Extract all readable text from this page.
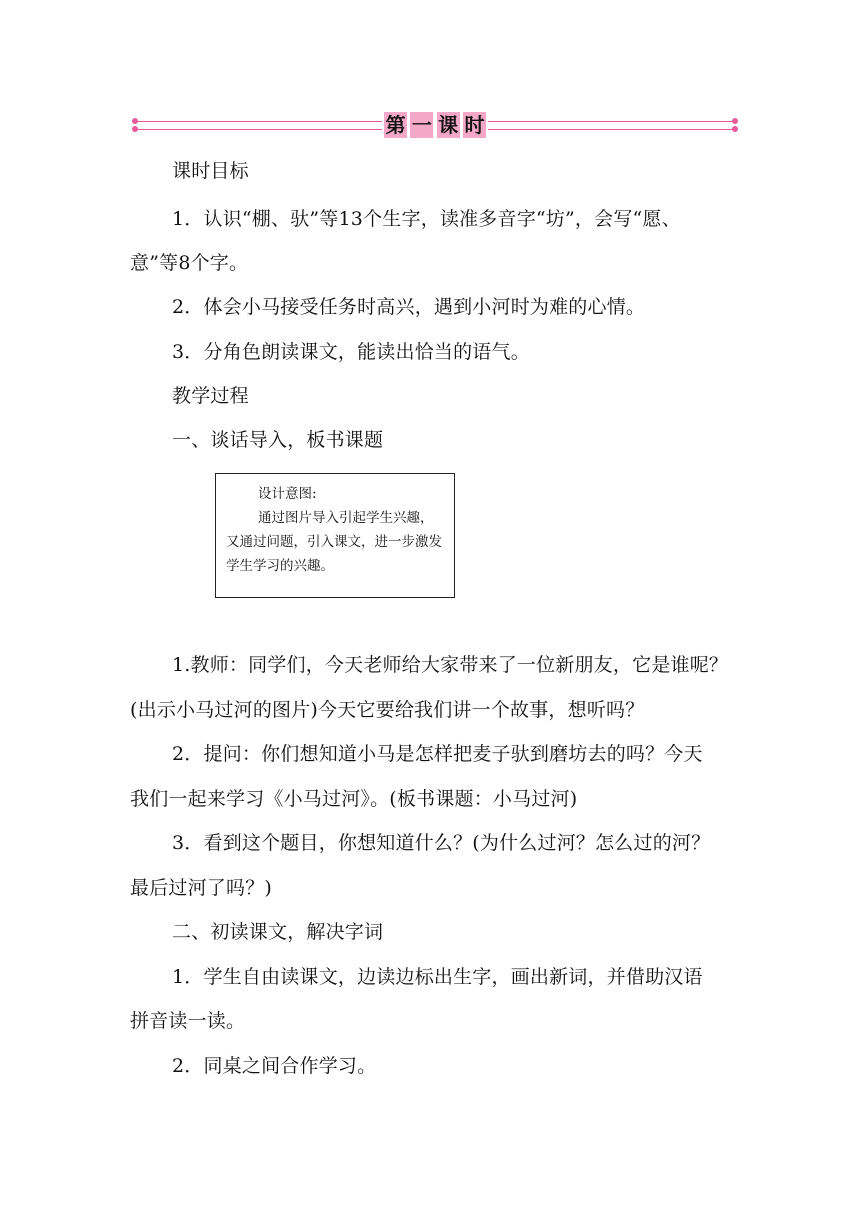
第 一 课 时
课时目标
1．认识“棚、驮”等13个生字，读准多音字“坊”，会写“愿、
意”等8个字。
2．体会小马接受任务时高兴，遇到小河时为难的心情。
3．分角色朗读课文，能读出恰当的语气。
教学过程
一、谈话导入，板书课题
设计意图:
通过图片导入引起学生兴趣，又通过问题，引入课文，进一步激发学生学习的兴趣。
1.教师：同学们，今天老师给大家带来了一位新朋友，它是谁呢？
(出示小马过河的图片)今天它要给我们讲一个故事，想听吗？
2．提问：你们想知道小马是怎样把麦子驮到磨坊去的吗？今天
我们一起来学习《小马过河》。(板书课题：小马过河)
3．看到这个题目，你想知道什么？(为什么过河？怎么过的河？
最后过河了吗？)
二、初读课文，解决字词
1．学生自由读课文，边读边标出生字，画出新词，并借助汉语
拼音读一读。
2．同桌之间合作学习。
